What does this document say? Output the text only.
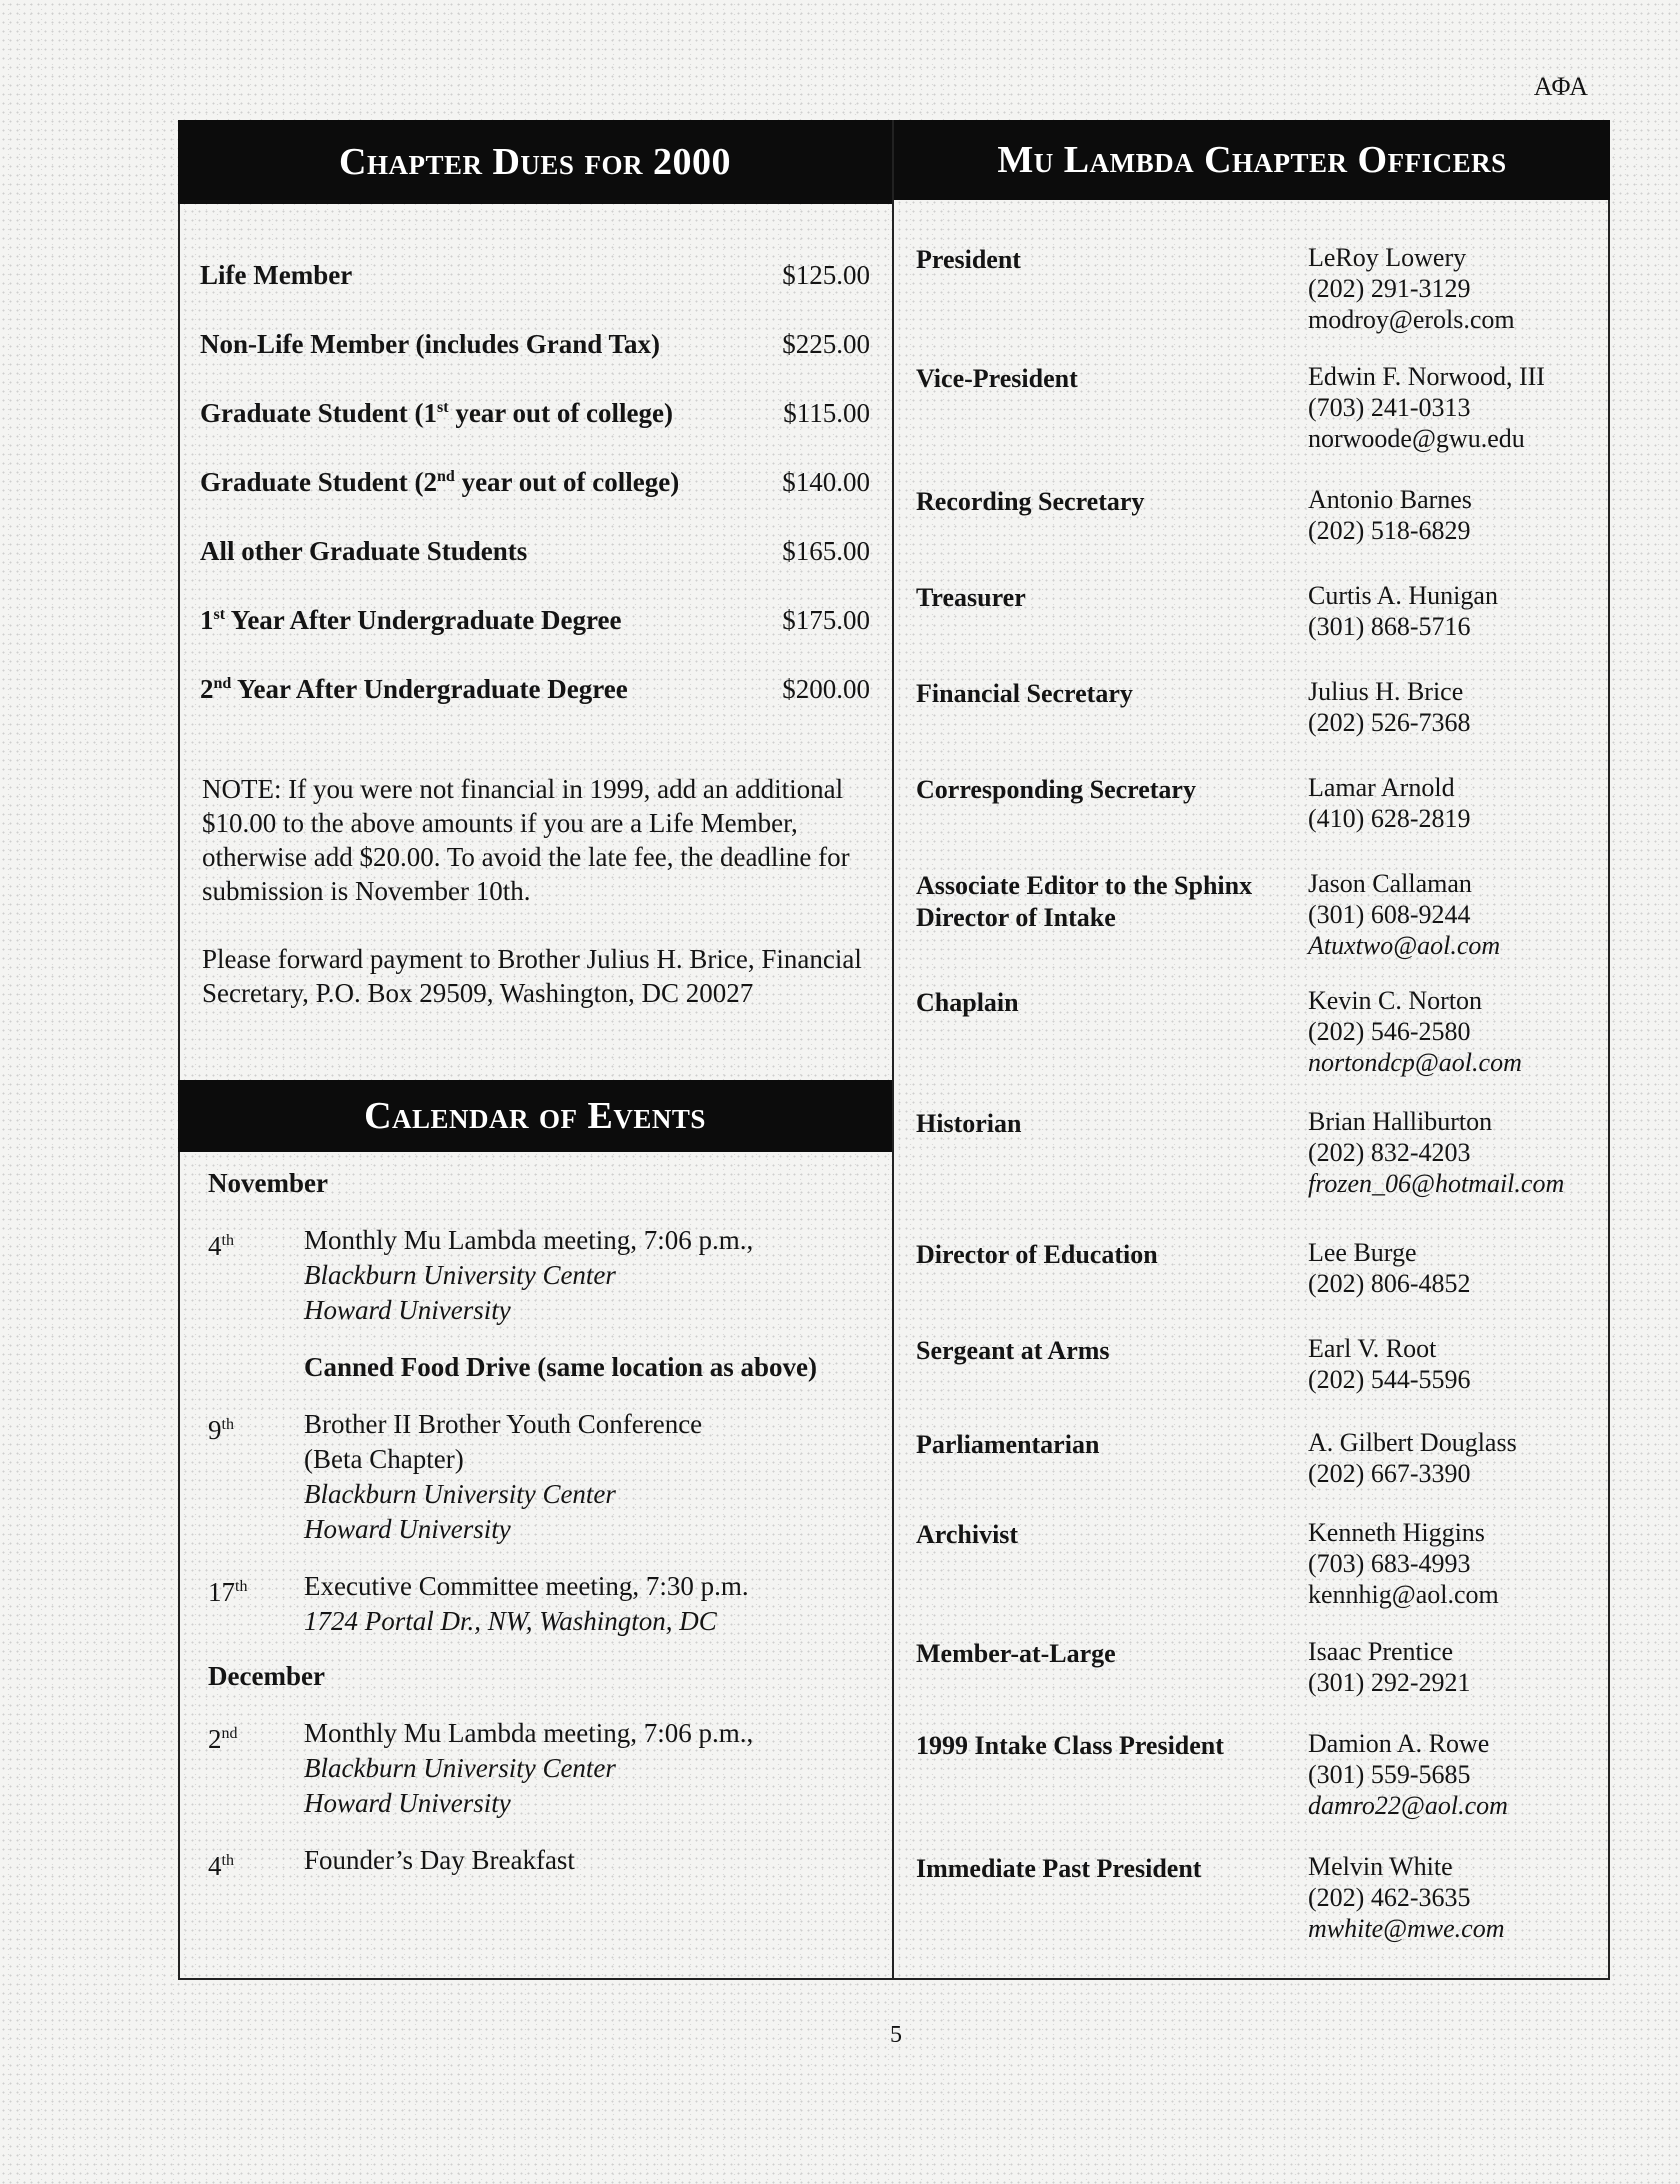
ΑΦΑ
Chapter Dues for 2000	Mu Lambda Chapter Officers
Life Member	$125.00
Non-Life Member (includes Grand Tax)	$225.00
Graduate Student (1st year out of college)	$115.00
Graduate Student (2nd year out of college)	$140.00
All other Graduate Students	$165.00
1st Year After Undergraduate Degree	$175.00
2nd Year After Undergraduate Degree	$200.00
NOTE: If you were not financial in 1999, add an additional $10.00 to the above amounts if you are a Life Member, otherwise add $20.00. To avoid the late fee, the deadline for submission is November 10th.
Please forward payment to Brother Julius H. Brice, Financial Secretary, P.O. Box 29509, Washington, DC 20027
Calendar of Events
November
4th	Monthly Mu Lambda meeting, 7:06 p.m.,
Blackburn University Center
Howard University
Canned Food Drive (same location as above)
9th	Brother II Brother Youth Conference
(Beta Chapter)
Blackburn University Center
Howard University
17th	Executive Committee meeting, 7:30 p.m.
1724 Portal Dr., NW, Washington, DC
December
2nd	Monthly Mu Lambda meeting, 7:06 p.m.,
Blackburn University Center
Howard University
4th	Founder’s Day Breakfast
President	LeRoy Lowery
(202) 291-3129
modroy@erols.com
Vice-President	Edwin F. Norwood, III
(703) 241-0313
norwoode@gwu.edu
Recording Secretary	Antonio Barnes
(202) 518-6829
Treasurer	Curtis A. Hunigan
(301) 868-5716
Financial Secretary	Julius H. Brice
(202) 526-7368
Corresponding Secretary	Lamar Arnold
(410) 628-2819
Associate Editor to the Sphinx
Director of Intake
Jason Callaman
(301) 608-9244
Atuxtwo@aol.com
Chaplain	Kevin C. Norton
(202) 546-2580
nortondcp@aol.com
Historian	Brian Halliburton
(202) 832-4203
frozen_06@hotmail.com
Director of Education	Lee Burge
(202) 806-4852
Sergeant at Arms	Earl V. Root
(202) 544-5596
Parliamentarian	A. Gilbert Douglass
(202) 667-3390
Archivist	Kenneth Higgins
(703) 683-4993
kennhig@aol.com
Member-at-Large	Isaac Prentice
(301) 292-2921
1999 Intake Class President	Damion A. Rowe
(301) 559-5685
damro22@aol.com
Immediate Past President	Melvin White
(202) 462-3635
mwhite@mwe.com
5
